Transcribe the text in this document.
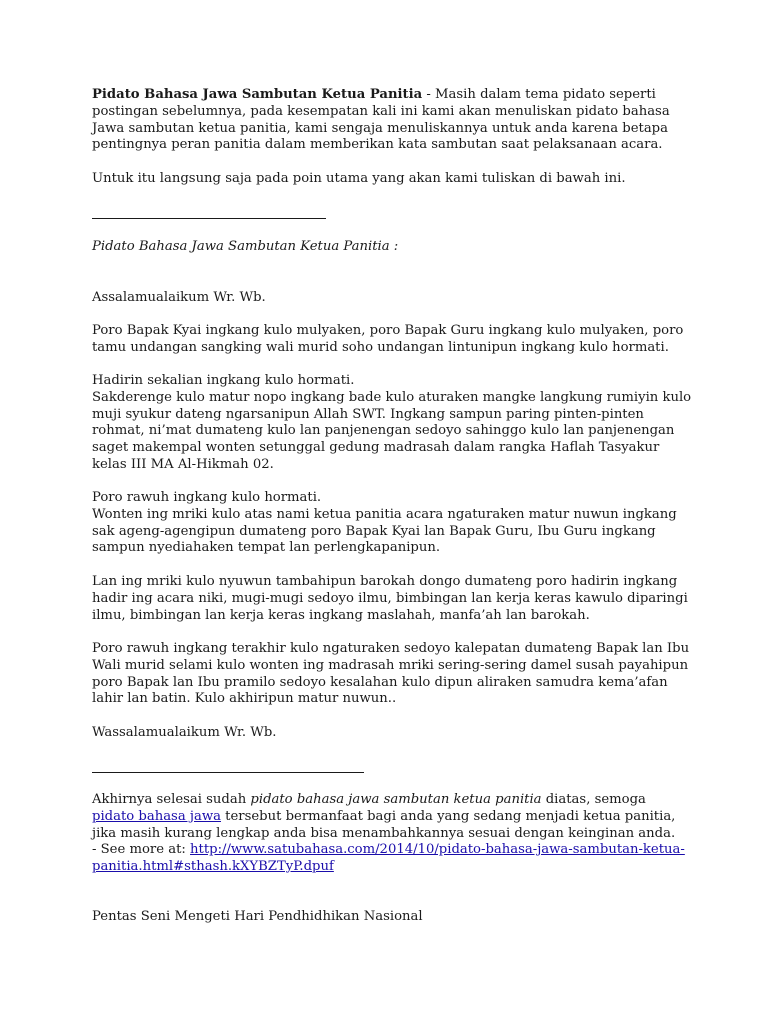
Pidato Bahasa Jawa Sambutan Ketua Panitia - Masih dalam tema pidato seperti postingan sebelumnya, pada kesempatan kali ini kami akan menuliskan pidato bahasa Jawa sambutan ketua panitia, kami sengaja menuliskannya untuk anda karena betapa pentingnya peran panitia dalam memberikan kata sambutan saat pelaksanaan acara.

Untuk itu langsung saja pada poin utama yang akan kami tuliskan di bawah ini.

Pidato Bahasa Jawa Sambutan Ketua Panitia :

Assalamualaikum Wr. Wb.

Poro Bapak Kyai ingkang kulo mulyaken, poro Bapak Guru ingkang kulo mulyaken, poro tamu undangan sangking wali murid soho undangan lintunipun ingkang kulo hormati.

Hadirin sekalian ingkang kulo hormati.
Sakderenge kulo matur nopo ingkang bade kulo aturaken mangke langkung rumiyin kulo muji syukur dateng ngarsanipun Allah SWT. Ingkang sampun paring pinten-pinten rohmat, ni’mat dumateng kulo lan panjenengan sedoyo sahinggo kulo lan panjenengan saget makempal wonten setunggal gedung madrasah dalam rangka Haflah Tasyakur kelas III MA Al-Hikmah 02.

Poro rawuh ingkang kulo hormati.
Wonten ing mriki kulo atas nami ketua panitia acara ngaturaken matur nuwun ingkang sak ageng-agengipun dumateng poro Bapak Kyai lan Bapak Guru, Ibu Guru ingkang sampun nyediahaken tempat lan perlengkapanipun.

Lan ing mriki kulo nyuwun tambahipun barokah dongo dumateng poro hadirin ingkang hadir ing acara niki, mugi-mugi sedoyo ilmu, bimbingan lan kerja keras kawulo diparingi ilmu, bimbingan lan kerja keras ingkang maslahah, manfa’ah lan barokah.

Poro rawuh ingkang terakhir kulo ngaturaken sedoyo kalepatan dumateng Bapak lan Ibu Wali murid selami kulo wonten ing madrasah mriki sering-sering damel susah payahipun poro Bapak lan Ibu pramilo sedoyo kesalahan kulo dipun aliraken samudra kema’afan lahir lan batin. Kulo akhiripun matur nuwun..

Wassalamualaikum Wr. Wb.

Akhirnya selesai sudah pidato bahasa jawa sambutan ketua panitia diatas, semoga pidato bahasa jawa tersebut bermanfaat bagi anda yang sedang menjadi ketua panitia, jika masih kurang lengkap anda bisa menambahkannya sesuai dengan keinginan anda.
- See more at: http://www.satubahasa.com/2014/10/pidato-bahasa-jawa-sambutan-ketua-panitia.html#sthash.kXYBZTyP.dpuf

Pentas Seni Mengeti Hari Pendhidhikan Nasional
